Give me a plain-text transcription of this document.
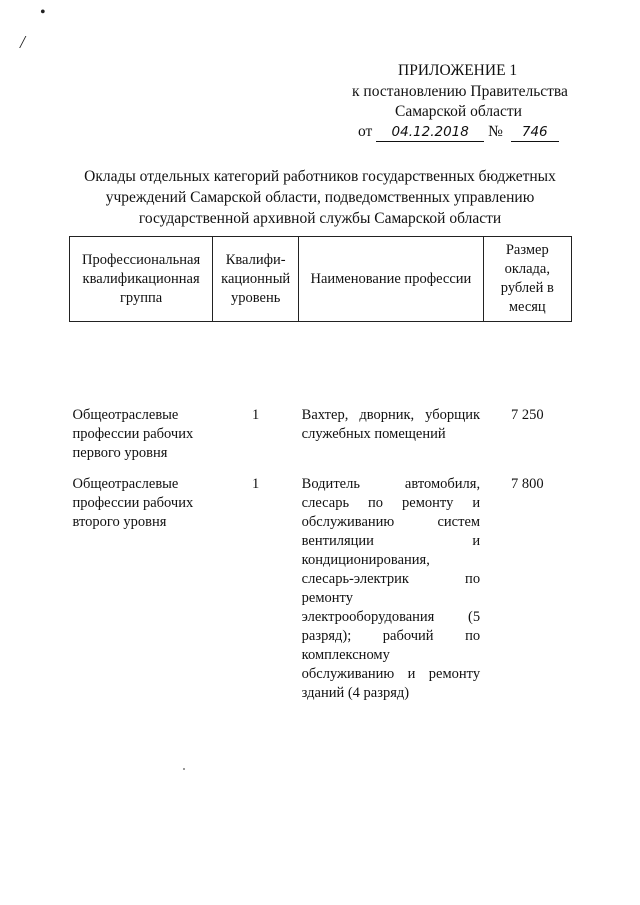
•
/
ПРИЛОЖЕНИЕ 1
к постановлению Правительства
Самарской области
от 04.12.2018 № 746
Оклады отдельных категорий работников государственных бюджетных учреждений Самарской области, подведомственных управлению государственной архивной службы Самарской области
Профессиональная квалификационная группа	Квалифи-кационный уровень	Наименование профессии	Размер оклада, рублей в месяц
Общеотраслевые профессии рабочих первого уровня	1	Вахтер, дворник, уборщик служебных помещений	7 250
Общеотраслевые профессии рабочих второго уровня	1	Водитель автомобиля, слесарь по ремонту и обслуживанию систем вентиляции и кондиционирования, слесарь-электрик по ремонту электрооборудования (5 разряд); рабочий по комплексному обслуживанию и ремонту зданий (4 разряд)	7 800
